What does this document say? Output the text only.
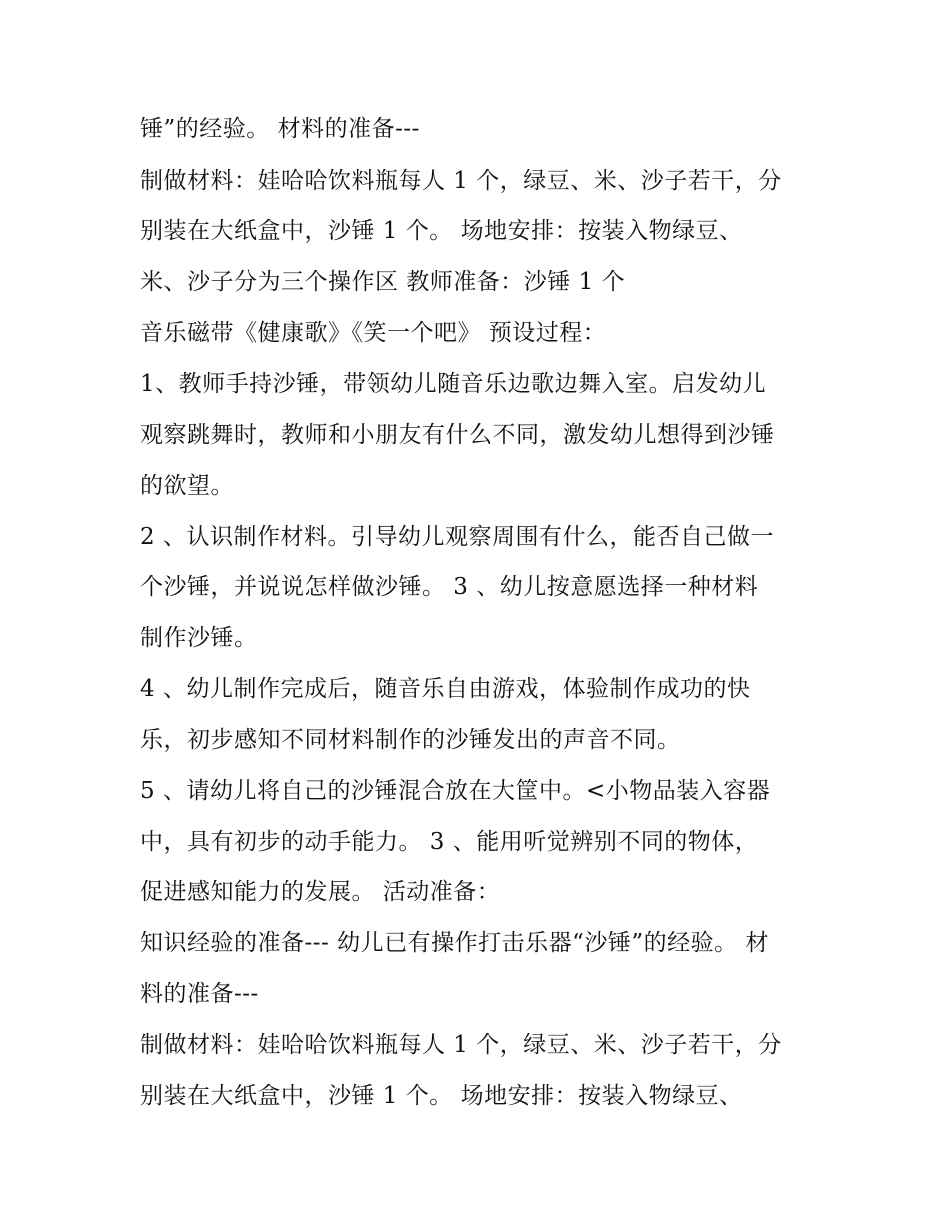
锤”的经验。 材料的准备---
制做材料：娃哈哈饮料瓶每人 1 个，绿豆、米、沙子若干，分
别装在大纸盒中，沙锤 1 个。 场地安排：按装入物绿豆、
米、沙子分为三个操作区 教师准备：沙锤 1 个
音乐磁带《健康歌》《笑一个吧》 预设过程：
1、教师手持沙锤，带领幼儿随音乐边歌边舞入室。启发幼儿
观察跳舞时，教师和小朋友有什么不同，激发幼儿想得到沙锤
的欲望。
2 、认识制作材料。引导幼儿观察周围有什么，能否自己做一
个沙锤，并说说怎样做沙锤。 3 、幼儿按意愿选择一种材料
制作沙锤。
4 、幼儿制作完成后，随音乐自由游戏，体验制作成功的快
乐，初步感知不同材料制作的沙锤发出的声音不同。
5 、请幼儿将自己的沙锤混合放在大筐中。<小物品装入容器
中，具有初步的动手能力。 3 、能用听觉辨别不同的物体，
促进感知能力的发展。 活动准备：
知识经验的准备--- 幼儿已有操作打击乐器“沙锤”的经验。 材
料的准备---
制做材料：娃哈哈饮料瓶每人 1 个，绿豆、米、沙子若干，分
别装在大纸盒中，沙锤 1 个。 场地安排：按装入物绿豆、
